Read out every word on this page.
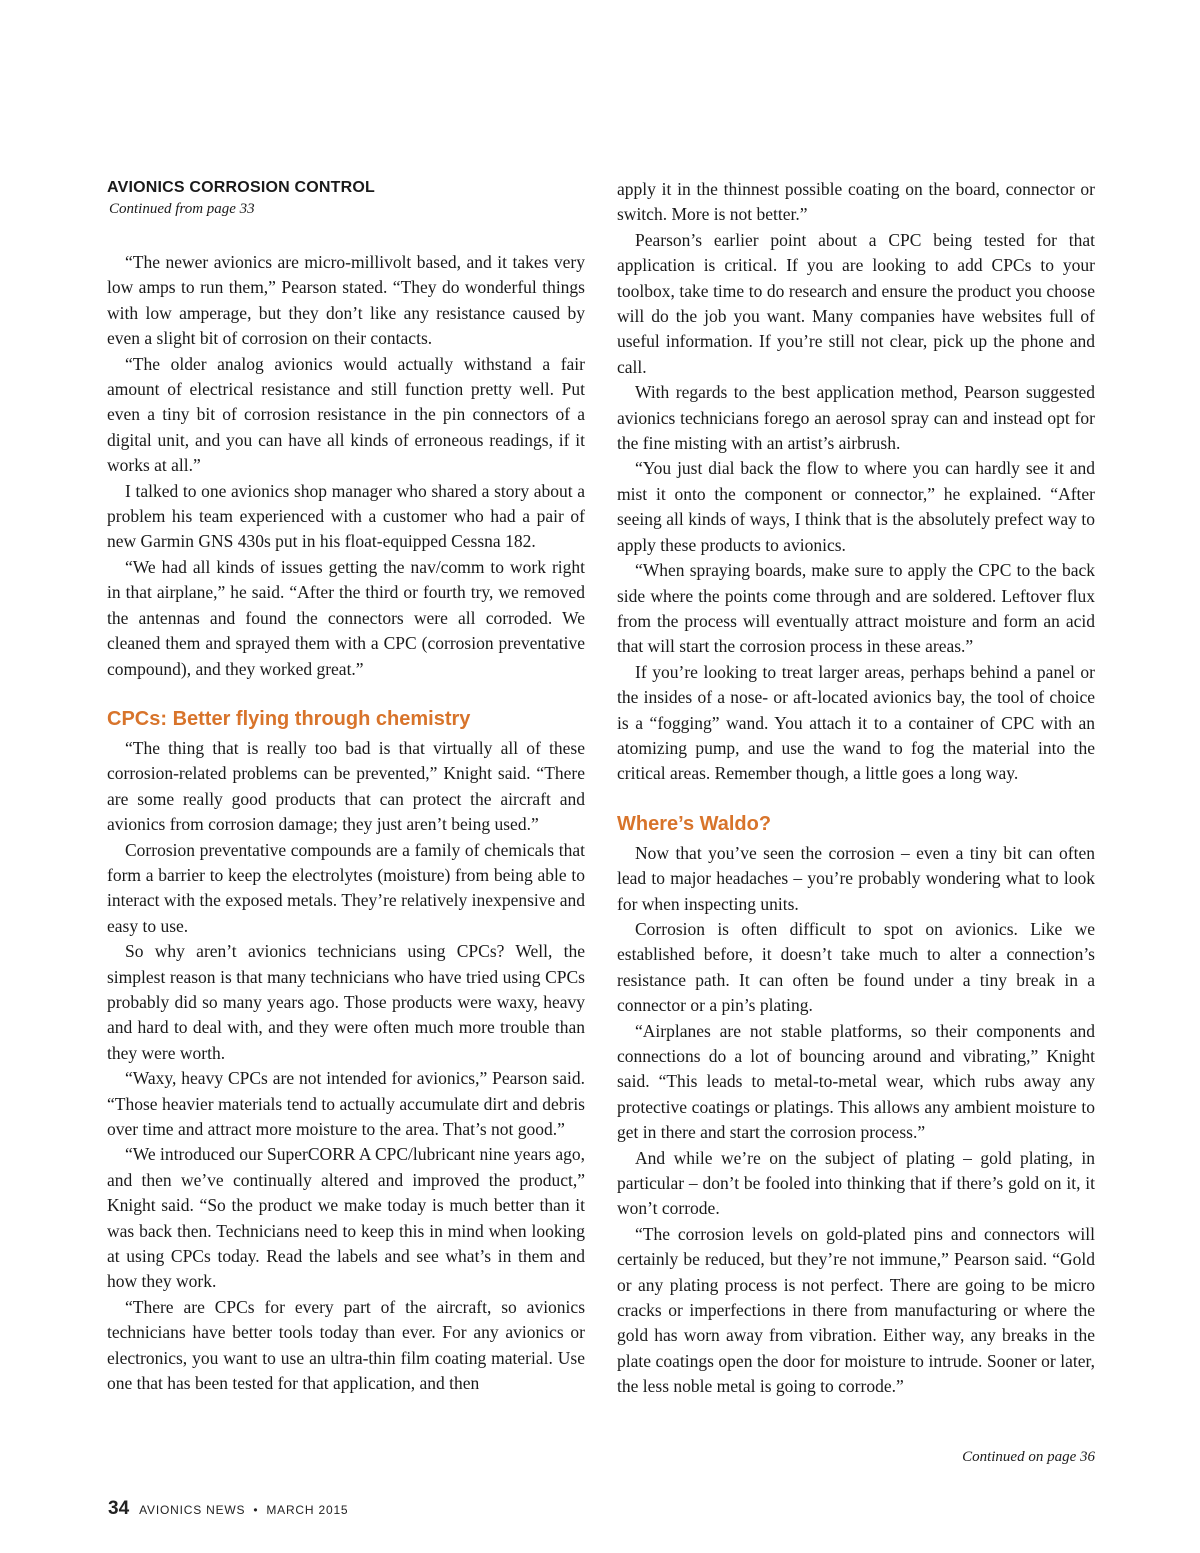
AVIONICS CORROSION CONTROL
Continued from page 33

“The newer avionics are micro-millivolt based, and it takes very low amps to run them,” Pearson stated. “They do wonderful things with low amperage, but they don’t like any resistance caused by even a slight bit of corrosion on their contacts.

“The older analog avionics would actually withstand a fair amount of electrical resistance and still function pretty well. Put even a tiny bit of corrosion resistance in the pin connectors of a digital unit, and you can have all kinds of erroneous readings, if it works at all.”

I talked to one avionics shop manager who shared a story about a problem his team experienced with a customer who had a pair of new Garmin GNS 430s put in his float-equipped Cessna 182.

“We had all kinds of issues getting the nav/comm to work right in that airplane,” he said. “After the third or fourth try, we removed the antennas and found the connectors were all corroded. We cleaned them and sprayed them with a CPC (corrosion preventative compound), and they worked great.”

CPCs: Better flying through chemistry

“The thing that is really too bad is that virtually all of these corrosion-related problems can be prevented,” Knight said. “There are some really good products that can protect the aircraft and avionics from corrosion damage; they just aren’t being used.”

Corrosion preventative compounds are a family of chemicals that form a barrier to keep the electrolytes (moisture) from being able to interact with the exposed metals. They’re relatively inexpensive and easy to use.

So why aren’t avionics technicians using CPCs? Well, the simplest reason is that many technicians who have tried using CPCs probably did so many years ago. Those products were waxy, heavy and hard to deal with, and they were often much more trouble than they were worth.

“Waxy, heavy CPCs are not intended for avionics,” Pearson said. “Those heavier materials tend to actually accumulate dirt and debris over time and attract more moisture to the area. That’s not good.”

“We introduced our SuperCORR A CPC/lubricant nine years ago, and then we’ve continually altered and improved the product,” Knight said. “So the product we make today is much better than it was back then. Technicians need to keep this in mind when looking at using CPCs today. Read the labels and see what’s in them and how they work.

“There are CPCs for every part of the aircraft, so avionics technicians have better tools today than ever. For any avionics or electronics, you want to use an ultra-thin film coating material. Use one that has been tested for that application, and then

apply it in the thinnest possible coating on the board, connector or switch. More is not better.”

Pearson’s earlier point about a CPC being tested for that application is critical. If you are looking to add CPCs to your toolbox, take time to do research and ensure the product you choose will do the job you want. Many companies have websites full of useful information. If you’re still not clear, pick up the phone and call.

With regards to the best application method, Pearson suggested avionics technicians forego an aerosol spray can and instead opt for the fine misting with an artist’s airbrush.

“You just dial back the flow to where you can hardly see it and mist it onto the component or connector,” he explained. “After seeing all kinds of ways, I think that is the absolutely prefect way to apply these products to avionics.

“When spraying boards, make sure to apply the CPC to the back side where the points come through and are soldered. Leftover flux from the process will eventually attract moisture and form an acid that will start the corrosion process in these areas.”

If you’re looking to treat larger areas, perhaps behind a panel or the insides of a nose- or aft-located avionics bay, the tool of choice is a “fogging” wand. You attach it to a container of CPC with an atomizing pump, and use the wand to fog the material into the critical areas. Remember though, a little goes a long way.

Where’s Waldo?

Now that you’ve seen the corrosion – even a tiny bit can often lead to major headaches – you’re probably wondering what to look for when inspecting units.

Corrosion is often difficult to spot on avionics. Like we established before, it doesn’t take much to alter a connection’s resistance path. It can often be found under a tiny break in a connector or a pin’s plating.

“Airplanes are not stable platforms, so their components and connections do a lot of bouncing around and vibrating,” Knight said. “This leads to metal-to-metal wear, which rubs away any protective coatings or platings. This allows any ambient moisture to get in there and start the corrosion process.”

And while we’re on the subject of plating – gold plating, in particular – don’t be fooled into thinking that if there’s gold on it, it won’t corrode.

“The corrosion levels on gold-plated pins and connectors will certainly be reduced, but they’re not immune,” Pearson said. “Gold or any plating process is not perfect. There are going to be micro cracks or imperfections in there from manufacturing or where the gold has worn away from vibration. Either way, any breaks in the plate coatings open the door for moisture to intrude. Sooner or later, the less noble metal is going to corrode.”

Continued on page 36
34 AVIONICS NEWS • MARCH 2015
